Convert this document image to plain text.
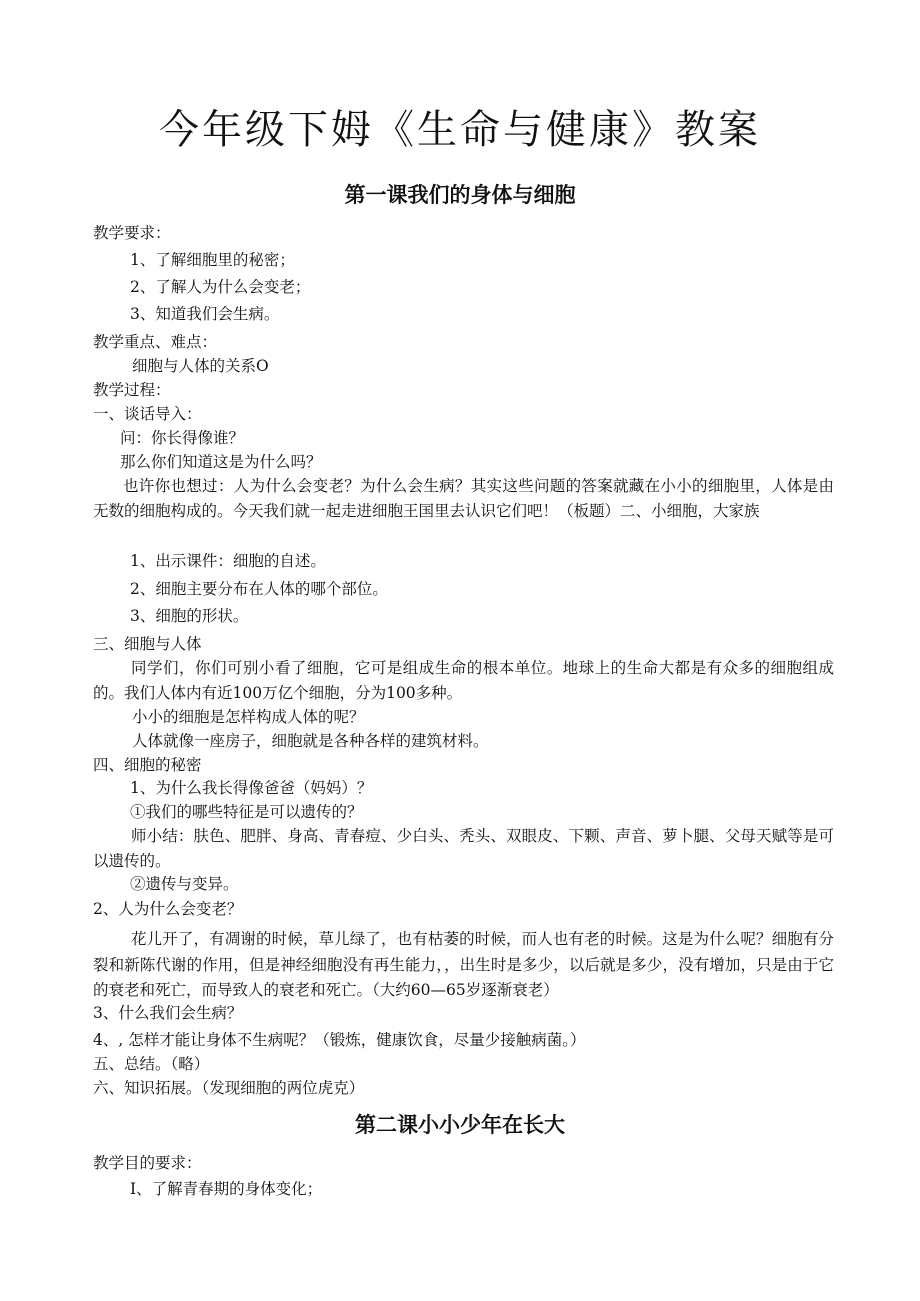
今年级下姆《生命与健康》教案
第一课我们的身体与细胞

教学要求：

1、了解细胞里的秘密；

2、了解人为什么会变老；

3、知道我们会生病。

教学重点、难点：

细胞与人体的关系O

教学过程：

一、谈话导入：

问：你长得像谁？

那么你们知道这是为什么吗？

也许你也想过：人为什么会变老？为什么会生病？其实这些问题的答案就藏在小小的细胞里，人体是由无数的细胞构成的。今天我们就一起走进细胞王国里去认识它们吧！（板题）二、小细胞，大家族

1、出示课件：细胞的自述。

2、细胞主要分布在人体的哪个部位。

3、细胞的形状。

三、细胞与人体

同学们，你们可别小看了细胞，它可是组成生命的根本单位。地球上的生命大都是有众多的细胞组成的。我们人体内有近100万亿个细胞，分为100多种。

小小的细胞是怎样构成人体的呢？

人体就像一座房子，细胞就是各种各样的建筑材料。

四、细胞的秘密

1、为什么我长得像爸爸（妈妈）？

①我们的哪些特征是可以遗传的？

师小结：肤色、肥胖、身高、青春痘、少白头、秃头、双眼皮、下颗、声音、萝卜腿、父母天赋等是可以遗传的。

②遗传与变异。

2、人为什么会变老？

花儿开了，有凋谢的时候，草儿绿了，也有枯萎的时候，而人也有老的时候。这是为什么呢？细胞有分裂和新陈代谢的作用，但是神经细胞没有再生能力，，出生时是多少，以后就是多少，没有增加，只是由于它的衰老和死亡，而导致人的衰老和死亡。（大约60—65岁逐渐衰老）

3、什么我们会生病？

4、, 怎样才能让身体不生病呢？（锻炼，健康饮食，尽量少接触病菌。）

五、总结。（略）

六、知识拓展。（发现细胞的两位虎克）

第二课小小少年在长大

教学目的要求：

I、了解青春期的身体变化；
